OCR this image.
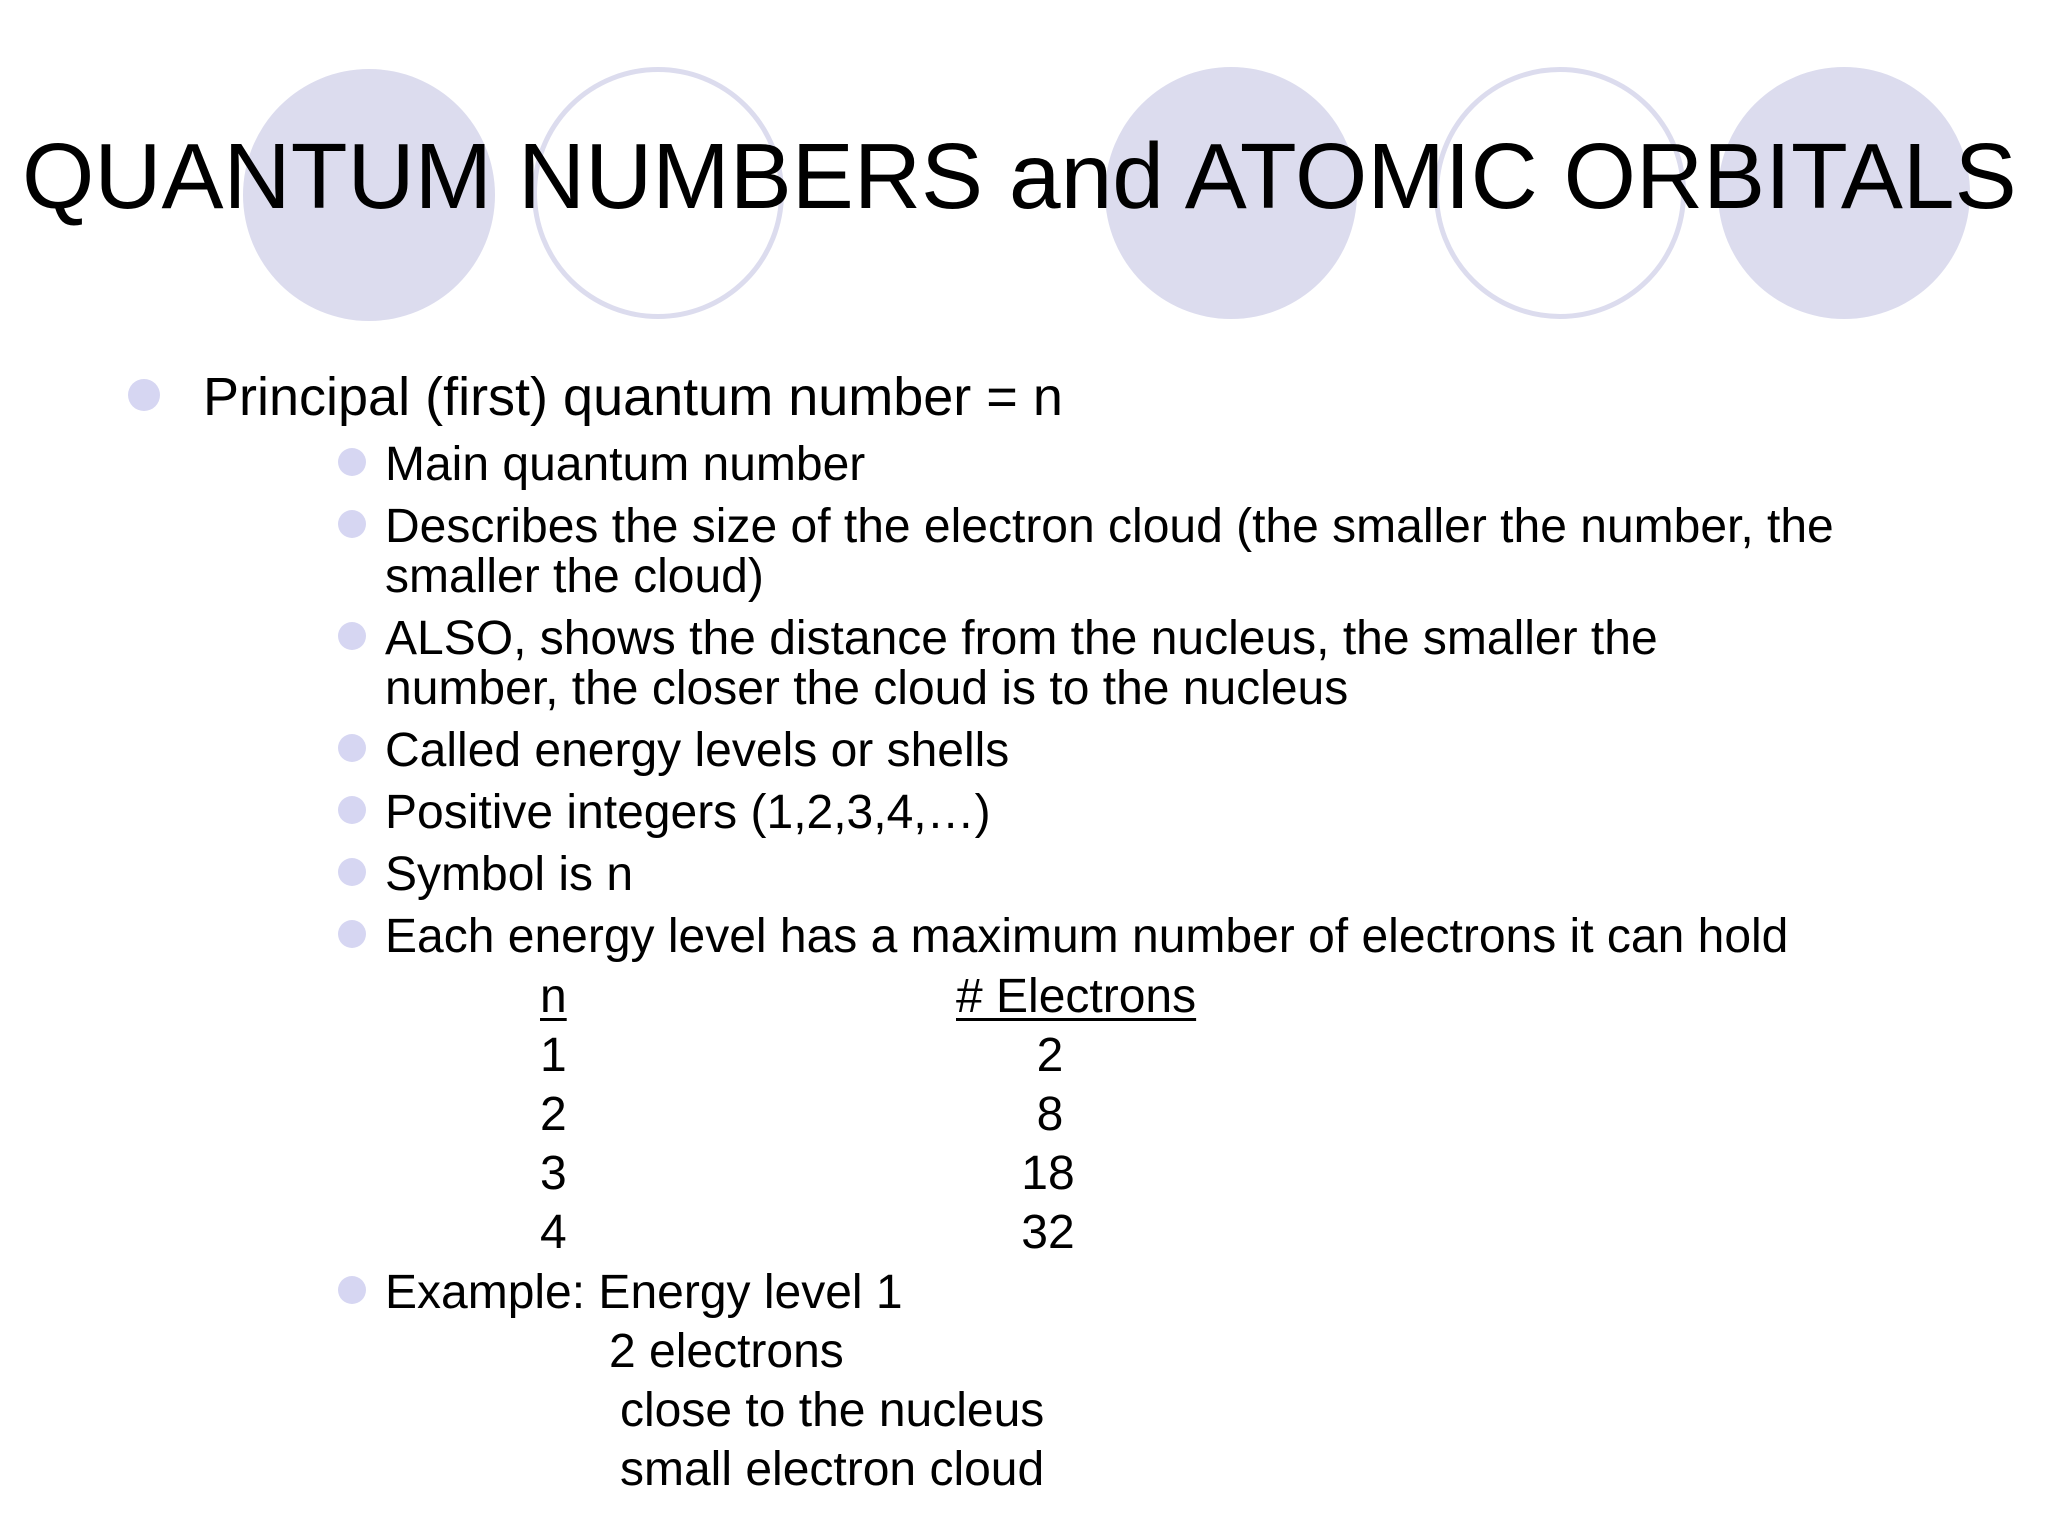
QUANTUM NUMBERS and ATOMIC ORBITALS
Principal (first) quantum number = n
Main quantum number
Describes the size of the electron cloud (the smaller the number, the
smaller the cloud)
ALSO, shows the distance from the nucleus, the smaller the
number, the closer the cloud is to the nucleus
Called energy levels or shells
Positive integers (1,2,3,4,…)
Symbol is n
Each energy level has a maximum number of electrons it can hold
n	# Electrons
1	2
2	8
3	18
4	32
Example: Energy level 1
2 electrons
close to the nucleus
small electron cloud
